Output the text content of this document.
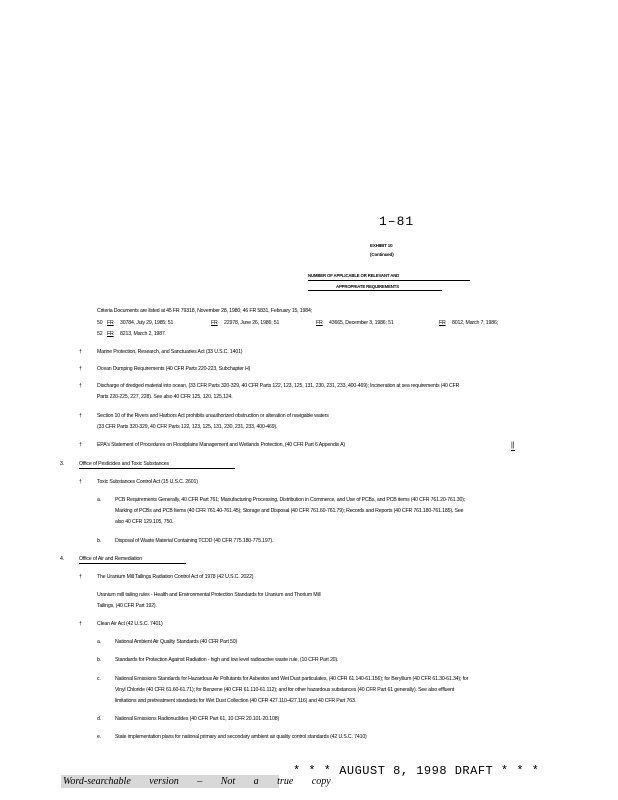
1–81
EXHIBIT 10
(Continued)
NUMBER OF APPLICABLE OR RELEVANT AND
APPROPRIATE REQUIREMENTS
Criteria Documents are listed at 45 FR 79318, November 28, 1980; 46 FR 5831, February 15, 1984;
50 FR 30784, July 29, 1985; 51	FR 22978, June 26, 1986; 51	FR 43665, December 3, 1986; 51	FR 8012, March 7, 1986;
52 FR 8213, March 2, 1987.
†	Marine Protection, Research, and Sanctuaries Act (33 U.S.C. 1401)
†	Ocean Dumping Requirements (40 CFR Parts 220-223, Subchapter H)
†	Discharge of dredged material into ocean, (33 CFR Parts 320-329, 40 CFR Parts 122, 123, 125, 131, 230, 231, 233, 400-469); Incineration at sea requirements (40 CFR
Parts 220-225, 227, 228). See also 40 CFR 125, 120, 125.124.
†	Section 10 of the Rivers and Harbors Act prohibits unauthorized obstruction or alteration of navigable waters
(33 CFR Parts 320-329, 40 CFR Parts 122, 123, 125, 131, 230, 231, 233, 400-469).
†	EPA's Statement of Procedures on Floodplains Management and Wetlands Protection, (40 CFR Part 6 Appendix A)	||
3.	Office of Pesticides and Toxic Substances
†	Toxic Substances Control Act (15 U.S.C. 2601)
a.	PCB Requirements Generally, 40 CFR Part 761; Manufacturing Processing, Distribution in Commerce, and Use of PCBs, and PCB items (40 CFR 761.20-761.30);
Marking of PCBs and PCB Items (40 CFR 761.40-761.45); Storage and Disposal (40 CFR 761.60-761.79); Records and Reports (40 CFR 761.180-761.185). See
also 40 CFR 129.105, 750.
b.	Disposal of Waste Material Containing TCDD (40 CFR 775.180-775.197).
4.	Office of Air and Remediation
†	The Uranium Mill Tailings Radiation Control Act of 1978 (42 U.S.C. 2022)
Uranium mill tailing rules - Health and Environmental Protection Standards for Uranium and Thorium Mill
Tailings, (40 CFR Part 192).
†	Clean Air Act (42 U.S.C. 7401)
a.	National Ambient Air Quality Standards (40 CFR Part 50)
b.	Standards for Protection Against Radiation - high and low level radioactive waste rule, (10 CFR Part 20).
c.	National Emissions Standards for Hazardous Air Pollutants for Asbestos and Wet Dust particulates, (40 CFR 61.140-61.156); for Beryllium (40 CFR 61.30-61.34); for
Vinyl Chloride (40 CFR 61.60-61.71); for Benzene (40 CFR 61.110-61.112); and for other hazardous substances (40 CFR Part 61 generally). See also effluent
limitations and pretreatment standards for Wet Dust Collection (40 CFR 427.110-427.116) and 40 CFR Part 763.
d.	National Emissions Radionuclides (40 CFR Part 61, 10 CFR 20.101-20.108)
e.	State implementation plans for national primary and secondary ambient air quality control standards (42 U.S.C. 7410)
Word-searchable version – Not a true copy
* * * AUGUST 8, 1998 DRAFT * * *
